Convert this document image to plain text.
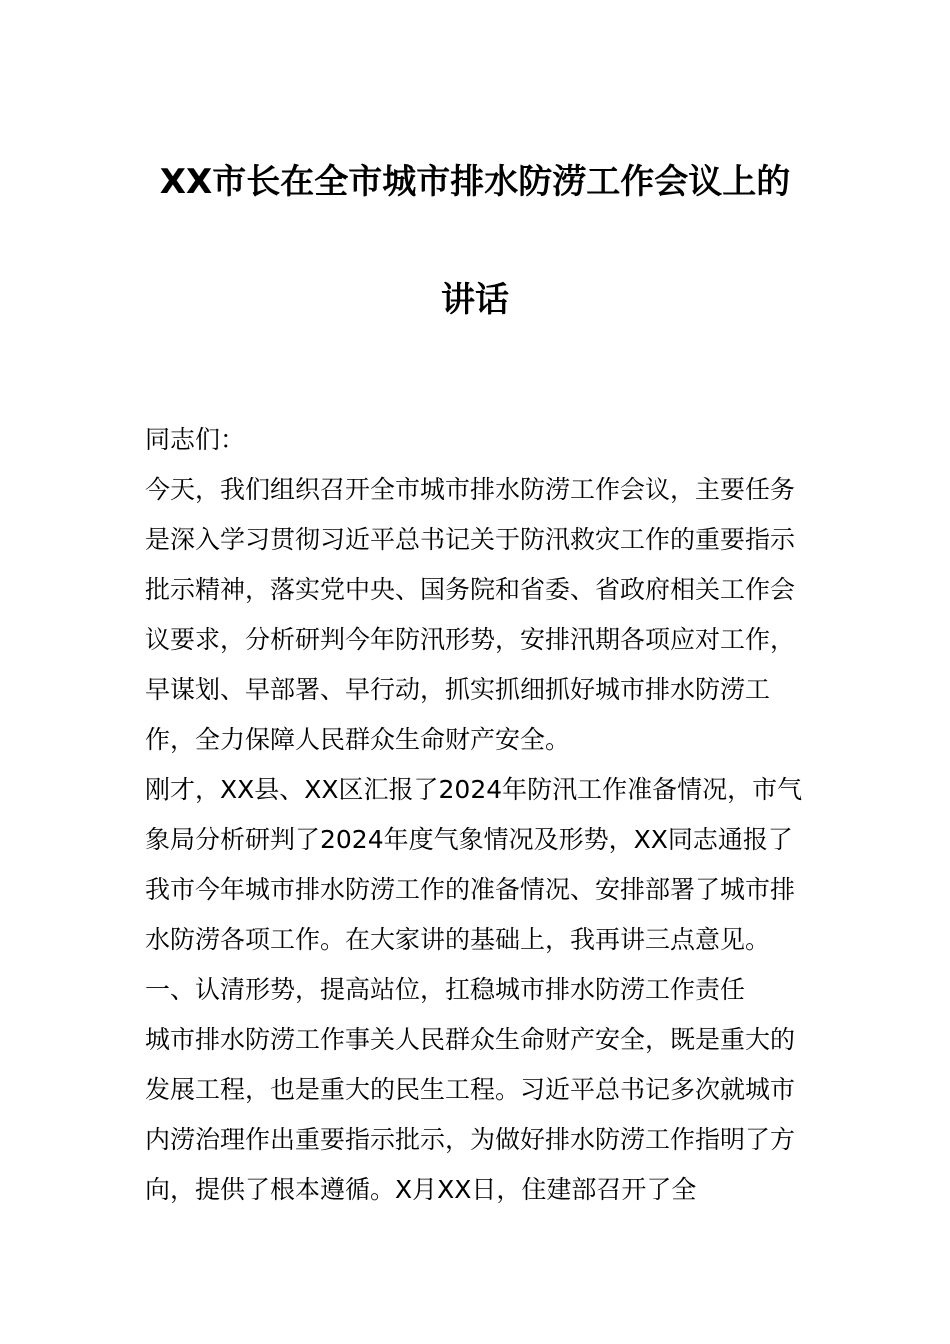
XX市长在全市城市排水防涝工作会议上的
讲话

同志们：

今天，我们组织召开全市城市排水防涝工作会议，主要任务是深入学习贯彻习近平总书记关于防汛救灾工作的重要指示批示精神，落实党中央、国务院和省委、省政府相关工作会议要求，分析研判今年防汛形势，安排汛期各项应对工作，早谋划、早部署、早行动，抓实抓细抓好城市排水防涝工作，全力保障人民群众生命财产安全。

刚才，XX县、XX区汇报了2024年防汛工作准备情况，市气象局分析研判了2024年度气象情况及形势，XX同志通报了我市今年城市排水防涝工作的准备情况、安排部署了城市排水防涝各项工作。在大家讲的基础上，我再讲三点意见。

一、认清形势，提高站位，扛稳城市排水防涝工作责任

城市排水防涝工作事关人民群众生命财产安全，既是重大的发展工程，也是重大的民生工程。习近平总书记多次就城市内涝治理作出重要指示批示，为做好排水防涝工作指明了方向，提供了根本遵循。X月XX日，住建部召开了全
